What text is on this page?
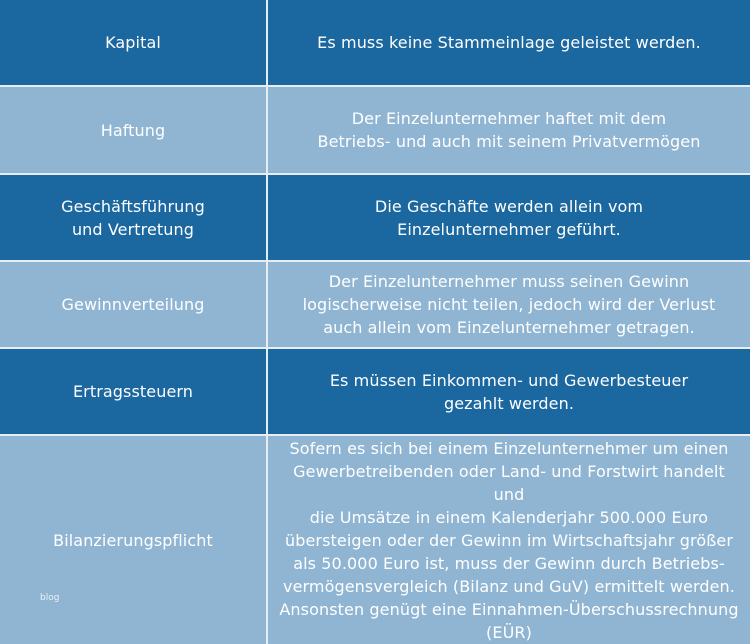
Kapital	Es muss keine Stammeinlage geleistet werden.
Haftung
Der Einzelunternehmer haftet mit dem
Betriebs- und auch mit seinem Privatvermögen
Geschäftsführung
und Vertretung
Die Geschäfte werden allein vom
Einzelunternehmer geführt.
Gewinnverteilung
Der Einzelunternehmer muss seinen Gewinn
logischerweise nicht teilen, jedoch wird der Verlust
auch allein vom Einzelunternehmer getragen.
Ertragssteuern
Es müssen Einkommen- und Gewerbesteuer
gezahlt werden.
Bilanzierungspflicht
Sofern es sich bei einem Einzelunternehmer um einen
Gewerbetreibenden oder Land- und Forstwirt handelt und
die Umsätze in einem Kalenderjahr 500.000 Euro
übersteigen oder der Gewinn im Wirtschaftsjahr größer
als 50.000 Euro ist, muss der Gewinn durch Betriebs-
vermögensvergleich (Bilanz und GuV) ermittelt werden.
Ansonsten genügt eine Einnahmen-Überschussrechnung
(EÜR)
blog
